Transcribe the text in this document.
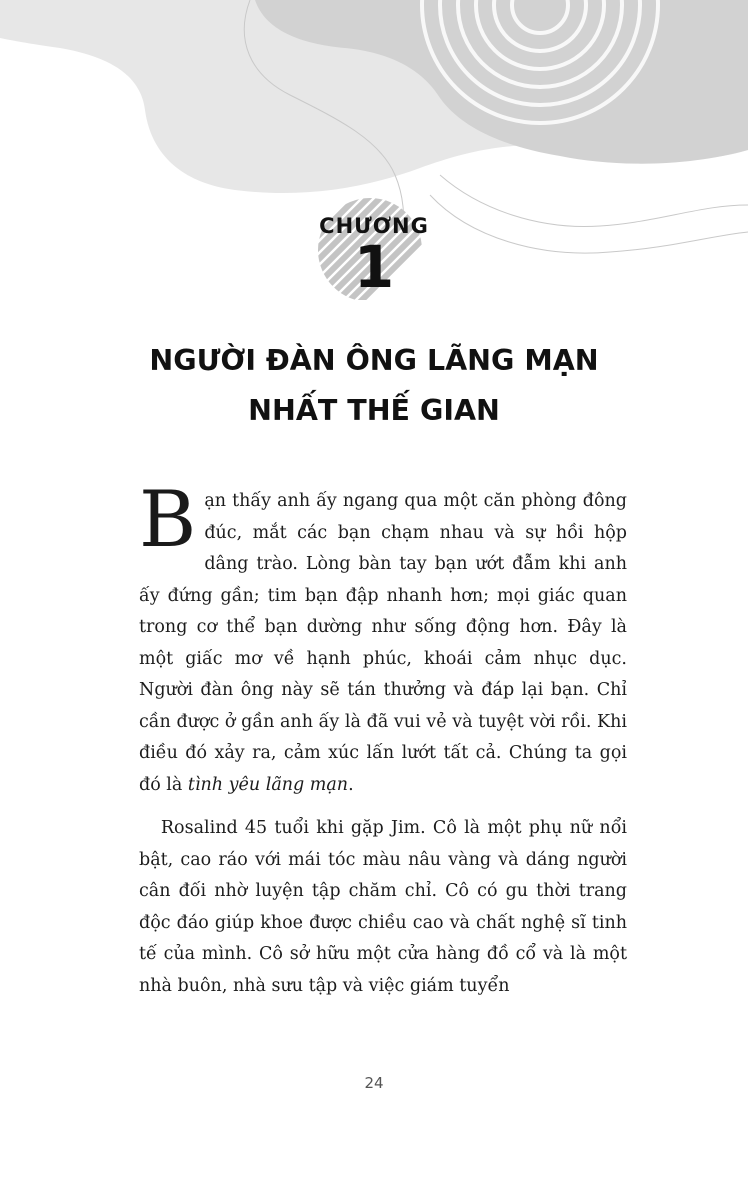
CHƯƠNG
1
NGƯỜI ĐÀN ÔNG LÃNG MẠN
NHẤT THẾ GIAN

Bạn thấy anh ấy ngang qua một căn phòng đông đúc, mắt các bạn chạm nhau và sự hồi hộp dâng trào. Lòng bàn tay bạn ướt đẫm khi anh ấy đứng gần; tim bạn đập nhanh hơn; mọi giác quan trong cơ thể bạn dường như sống động hơn. Đây là một giấc mơ về hạnh phúc, khoái cảm nhục dục. Người đàn ông này sẽ tán thưởng và đáp lại bạn. Chỉ cần được ở gần anh ấy là đã vui vẻ và tuyệt vời rồi. Khi điều đó xảy ra, cảm xúc lấn lướt tất cả. Chúng ta gọi đó là tình yêu lãng mạn.

Rosalind 45 tuổi khi gặp Jim. Cô là một phụ nữ nổi bật, cao ráo với mái tóc màu nâu vàng và dáng người cân đối nhờ luyện tập chăm chỉ. Cô có gu thời trang độc đáo giúp khoe được chiều cao và chất nghệ sĩ tinh tế của mình. Cô sở hữu một cửa hàng đồ cổ và là một nhà buôn, nhà sưu tập và việc giám tuyển

24
